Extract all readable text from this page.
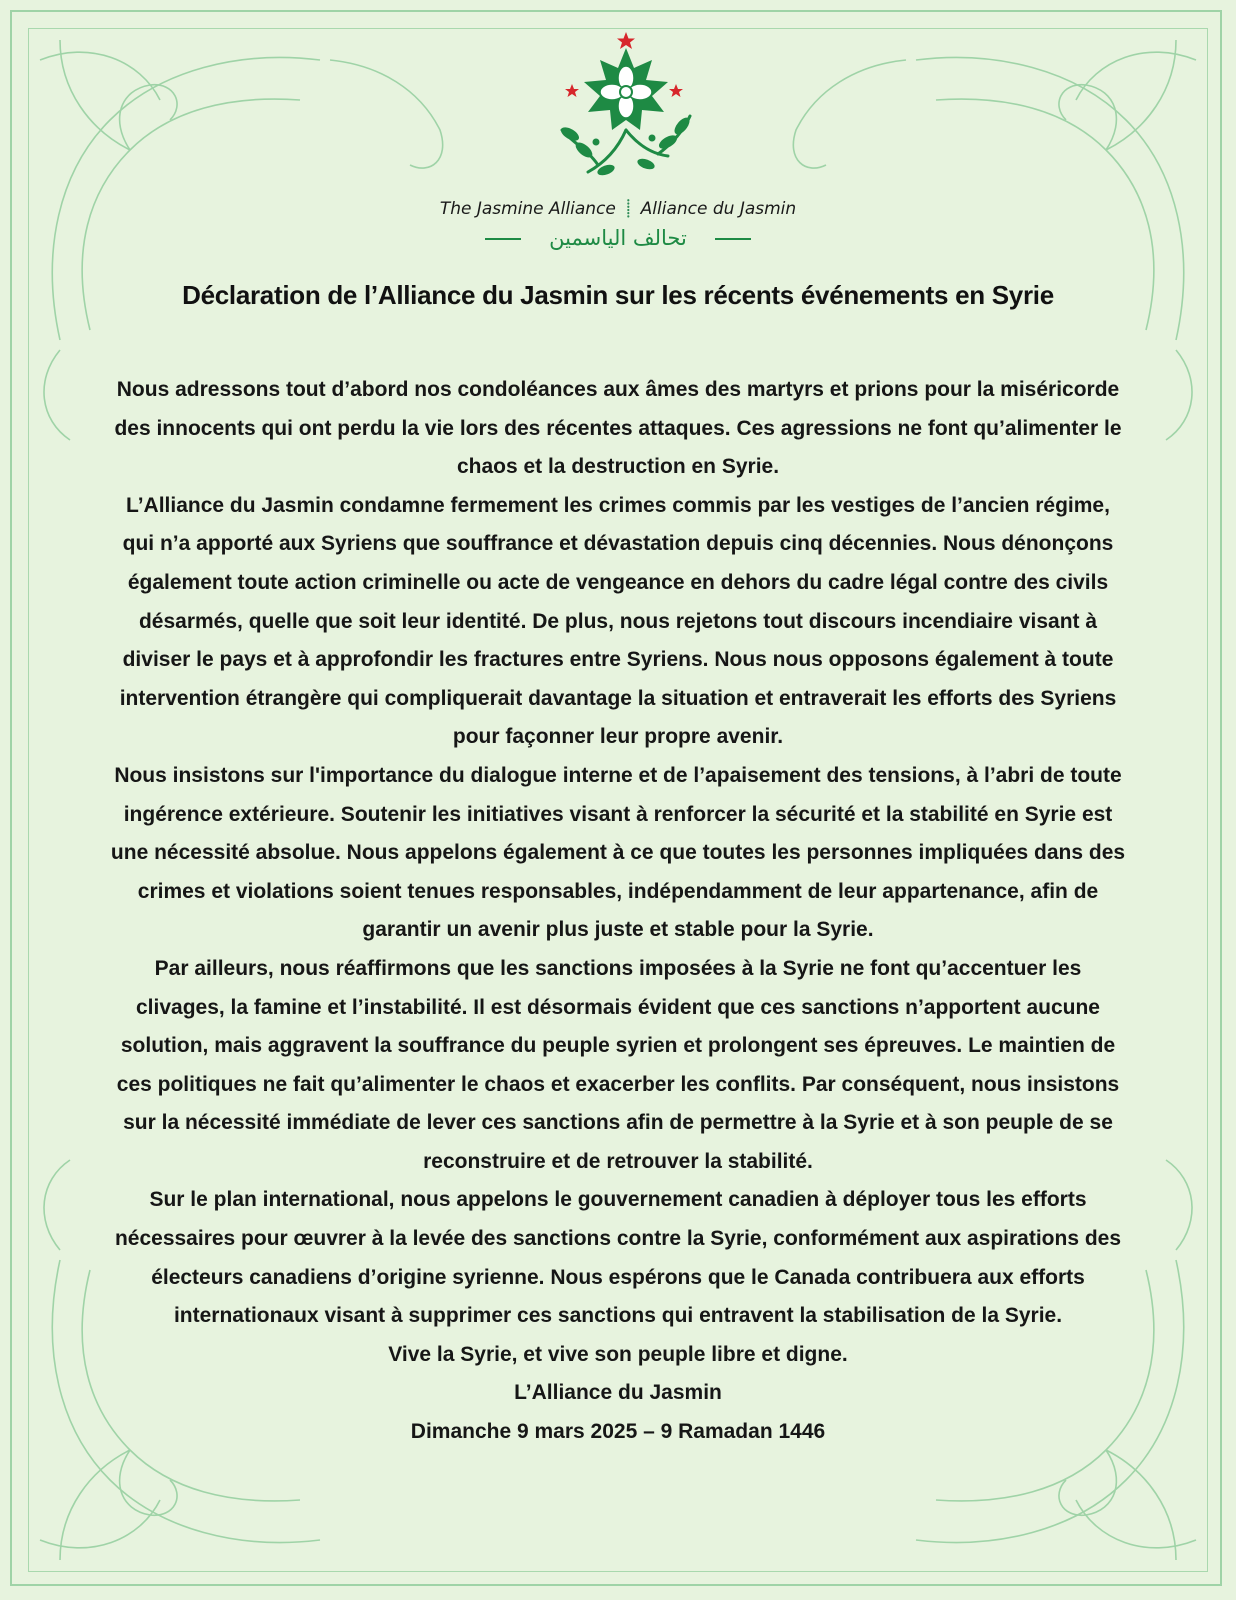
The Jasmine Alliance ⸽ Alliance du Jasmin
تحالف الياسمين
Déclaration de l’Alliance du Jasmin sur les récents événements en Syrie

Nous adressons tout d’abord nos condoléances aux âmes des martyrs et prions pour la miséricorde des innocents qui ont perdu la vie lors des récentes attaques. Ces agressions ne font qu’alimenter le chaos et la destruction en Syrie.

L’Alliance du Jasmin condamne fermement les crimes commis par les vestiges de l’ancien régime, qui n’a apporté aux Syriens que souffrance et dévastation depuis cinq décennies. Nous dénonçons également toute action criminelle ou acte de vengeance en dehors du cadre légal contre des civils désarmés, quelle que soit leur identité. De plus, nous rejetons tout discours incendiaire visant à diviser le pays et à approfondir les fractures entre Syriens. Nous nous opposons également à toute intervention étrangère qui compliquerait davantage la situation et entraverait les efforts des Syriens pour façonner leur propre avenir.

Nous insistons sur l'importance du dialogue interne et de l’apaisement des tensions, à l’abri de toute ingérence extérieure. Soutenir les initiatives visant à renforcer la sécurité et la stabilité en Syrie est une nécessité absolue. Nous appelons également à ce que toutes les personnes impliquées dans des crimes et violations soient tenues responsables, indépendamment de leur appartenance, afin de garantir un avenir plus juste et stable pour la Syrie.

Par ailleurs, nous réaffirmons que les sanctions imposées à la Syrie ne font qu’accentuer les clivages, la famine et l’instabilité. Il est désormais évident que ces sanctions n’apportent aucune solution, mais aggravent la souffrance du peuple syrien et prolongent ses épreuves. Le maintien de ces politiques ne fait qu’alimenter le chaos et exacerber les conflits. Par conséquent, nous insistons sur la nécessité immédiate de lever ces sanctions afin de permettre à la Syrie et à son peuple de se reconstruire et de retrouver la stabilité.

Sur le plan international, nous appelons le gouvernement canadien à déployer tous les efforts nécessaires pour œuvrer à la levée des sanctions contre la Syrie, conformément aux aspirations des électeurs canadiens d’origine syrienne. Nous espérons que le Canada contribuera aux efforts internationaux visant à supprimer ces sanctions qui entravent la stabilisation de la Syrie.

Vive la Syrie, et vive son peuple libre et digne.

L’Alliance du Jasmin

Dimanche 9 mars 2025 – 9 Ramadan 1446
